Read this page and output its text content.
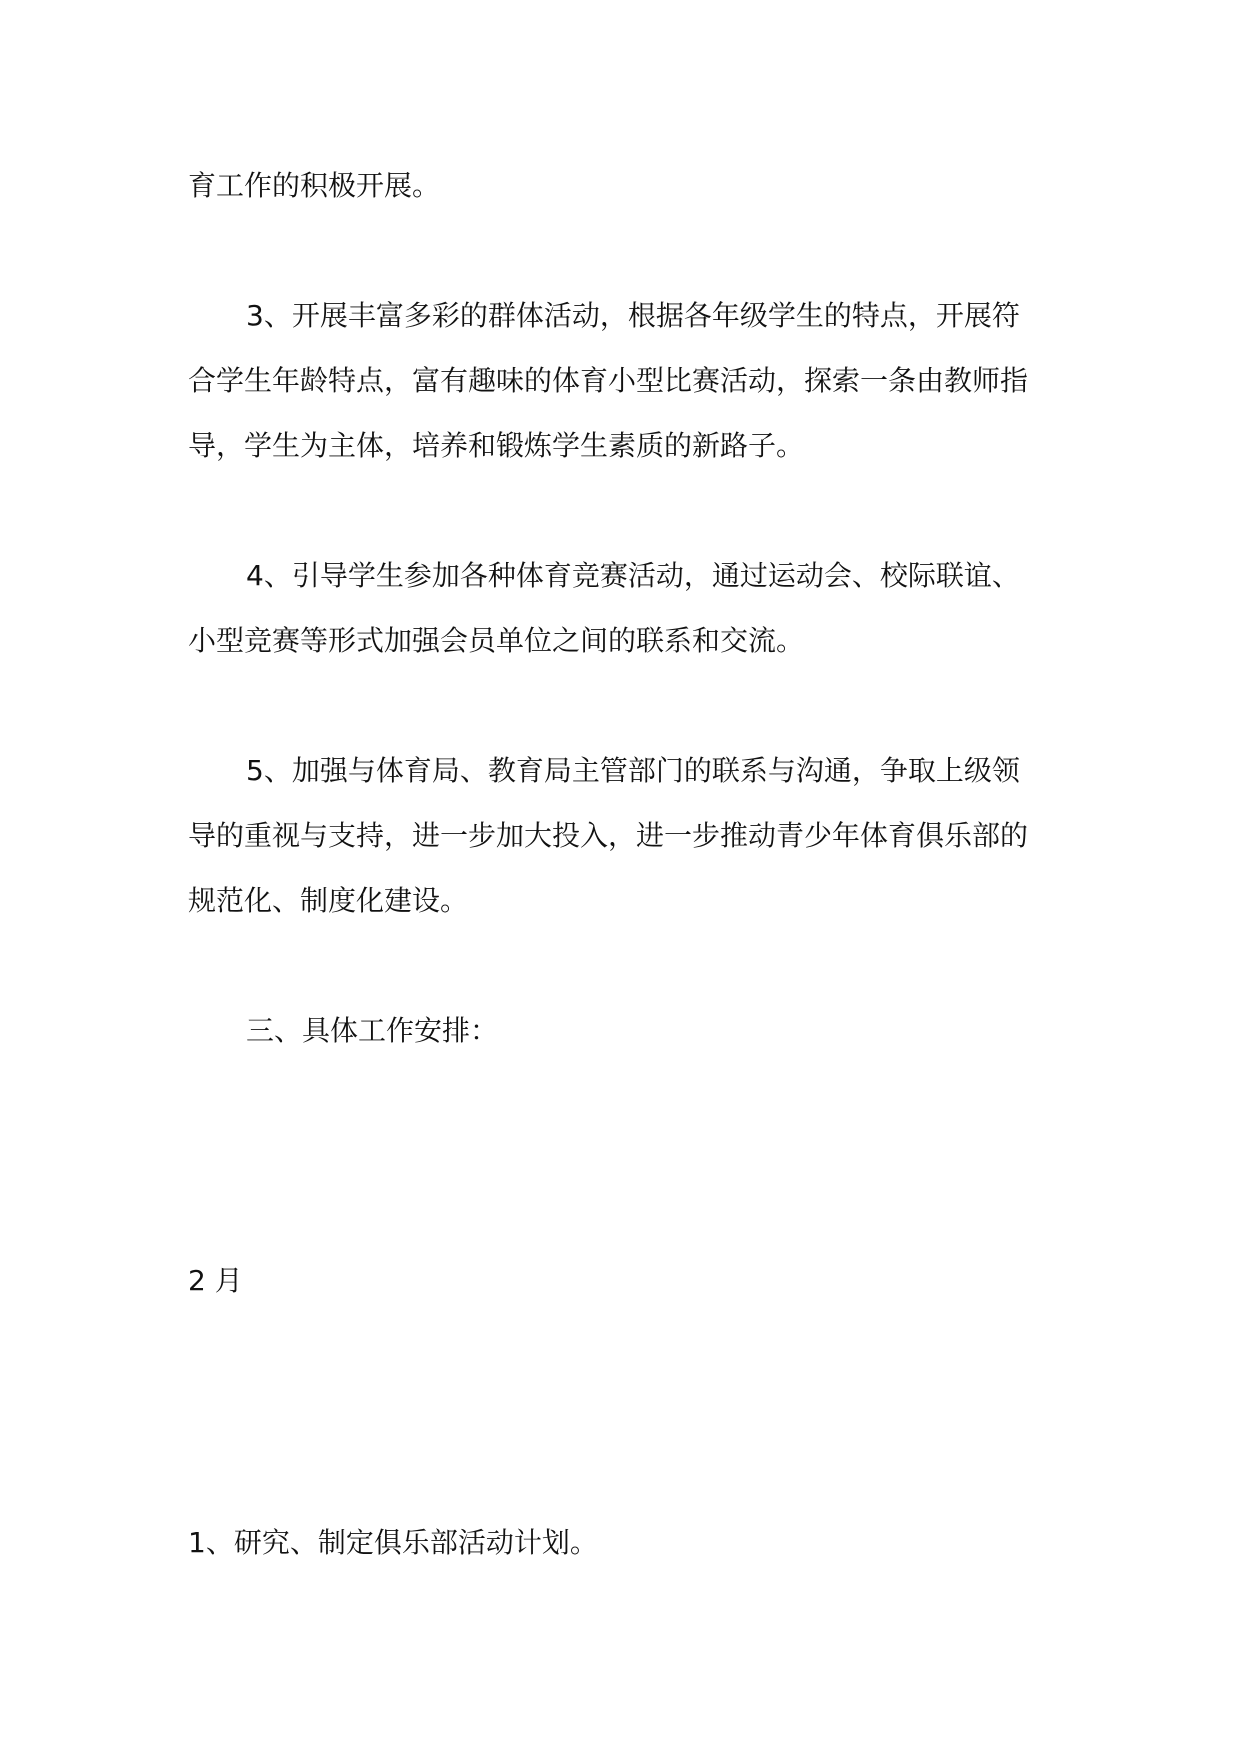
育工作的积极开展。

3、开展丰富多彩的群体活动，根据各年级学生的特点，开展符

合学生年龄特点，富有趣味的体育小型比赛活动，探索一条由教师指

导，学生为主体，培养和锻炼学生素质的新路子。

4、引导学生参加各种体育竞赛活动，通过运动会、校际联谊、

小型竞赛等形式加强会员单位之间的联系和交流。

5、加强与体育局、教育局主管部门的联系与沟通，争取上级领

导的重视与支持，进一步加大投入，进一步推动青少年体育俱乐部的

规范化、制度化建设。

三、具体工作安排：

2 月

1、研究、制定俱乐部活动计划。
